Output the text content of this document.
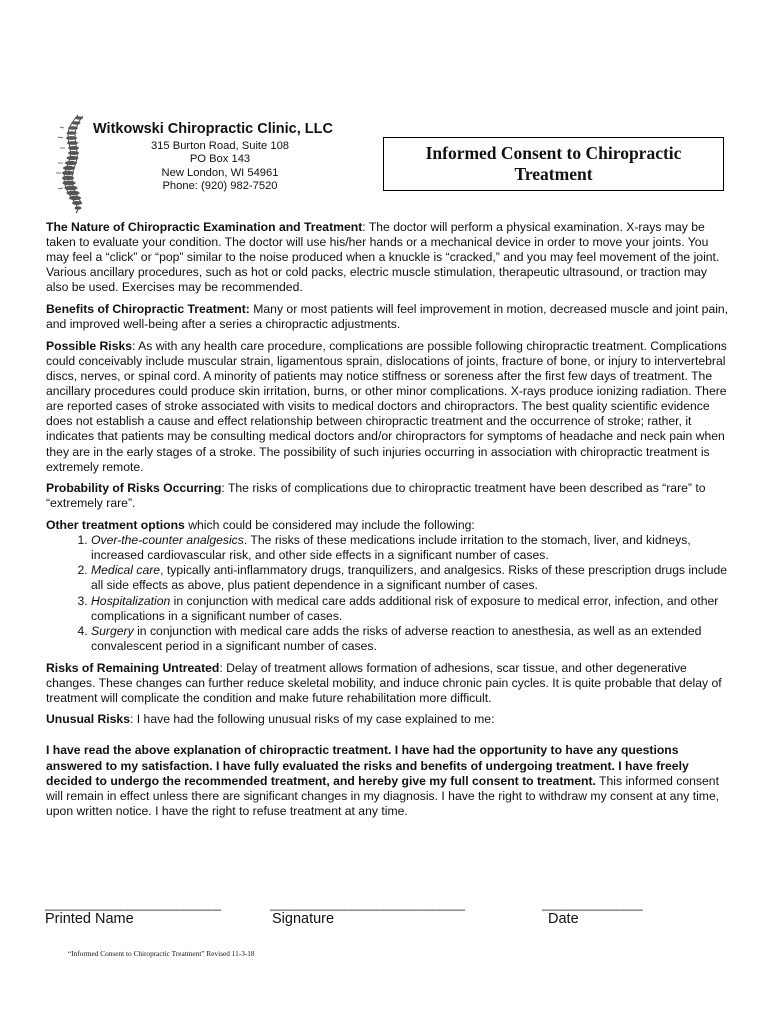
Witkowski Chiropractic Clinic, LLC
315 Burton Road, Suite 108
PO Box 143
New London, WI 54961
Phone: (920) 982-7520
Informed Consent to Chiropractic
Treatment

The Nature of Chiropractic Examination and Treatment: The doctor will perform a physical examination. X-rays may be taken to evaluate your condition. The doctor will use his/her hands or a mechanical device in order to move your joints. You may feel a “click” or “pop” similar to the noise produced when a knuckle is “cracked,” and you may feel movement of the joint. Various ancillary procedures, such as hot or cold packs, electric muscle stimulation, therapeutic ultrasound, or traction may also be used. Exercises may be recommended.

Benefits of Chiropractic Treatment: Many or most patients will feel improvement in motion, decreased muscle and joint pain, and improved well-being after a series a chiropractic adjustments.

Possible Risks: As with any health care procedure, complications are possible following chiropractic treatment. Complications could conceivably include muscular strain, ligamentous sprain, dislocations of joints, fracture of bone, or injury to intervertebral discs, nerves, or spinal cord. A minority of patients may notice stiffness or soreness after the first few days of treatment. The ancillary procedures could produce skin irritation, burns, or other minor complications. X-rays produce ionizing radiation. There are reported cases of stroke associated with visits to medical doctors and chiropractors. The best quality scientific evidence does not establish a cause and effect relationship between chiropractic treatment and the occurrence of stroke; rather, it indicates that patients may be consulting medical doctors and/or chiropractors for symptoms of headache and neck pain when they are in the early stages of a stroke. The possibility of such injuries occurring in association with chiropractic treatment is extremely remote.

Probability of Risks Occurring: The risks of complications due to chiropractic treatment have been described as “rare” to “extremely rare”.

Other treatment options which could be considered may include the following:

1. Over-the-counter analgesics. The risks of these medications include irritation to the stomach, liver, and kidneys, increased cardiovascular risk, and other side effects in a significant number of cases.
2. Medical care, typically anti-inflammatory drugs, tranquilizers, and analgesics. Risks of these prescription drugs include all side effects as above, plus patient dependence in a significant number of cases.
3. Hospitalization in conjunction with medical care adds additional risk of exposure to medical error, infection, and other complications in a significant number of cases.
4. Surgery in conjunction with medical care adds the risks of adverse reaction to anesthesia, as well as an extended convalescent period in a significant number of cases.

Risks of Remaining Untreated: Delay of treatment allows formation of adhesions, scar tissue, and other degenerative changes. These changes can further reduce skeletal mobility, and induce chronic pain cycles. It is quite probable that delay of treatment will complicate the condition and make future rehabilitation more difficult.

Unusual Risks: I have had the following unusual risks of my case explained to me:

I have read the above explanation of chiropractic treatment. I have had the opportunity to have any questions answered to my satisfaction. I have fully evaluated the risks and benefits of undergoing treatment. I have freely decided to undergo the recommended treatment, and hereby give my full consent to treatment. This informed consent will remain in effect unless there are significant changes in my diagnosis. I have the right to withdraw my consent at any time, upon written notice. I have the right to refuse treatment at any time.

____________________________	_______________________________	________________
Printed Name	Signature	Date
“Informed Consent to Chiropractic Treatment” Revised 11-3-18
